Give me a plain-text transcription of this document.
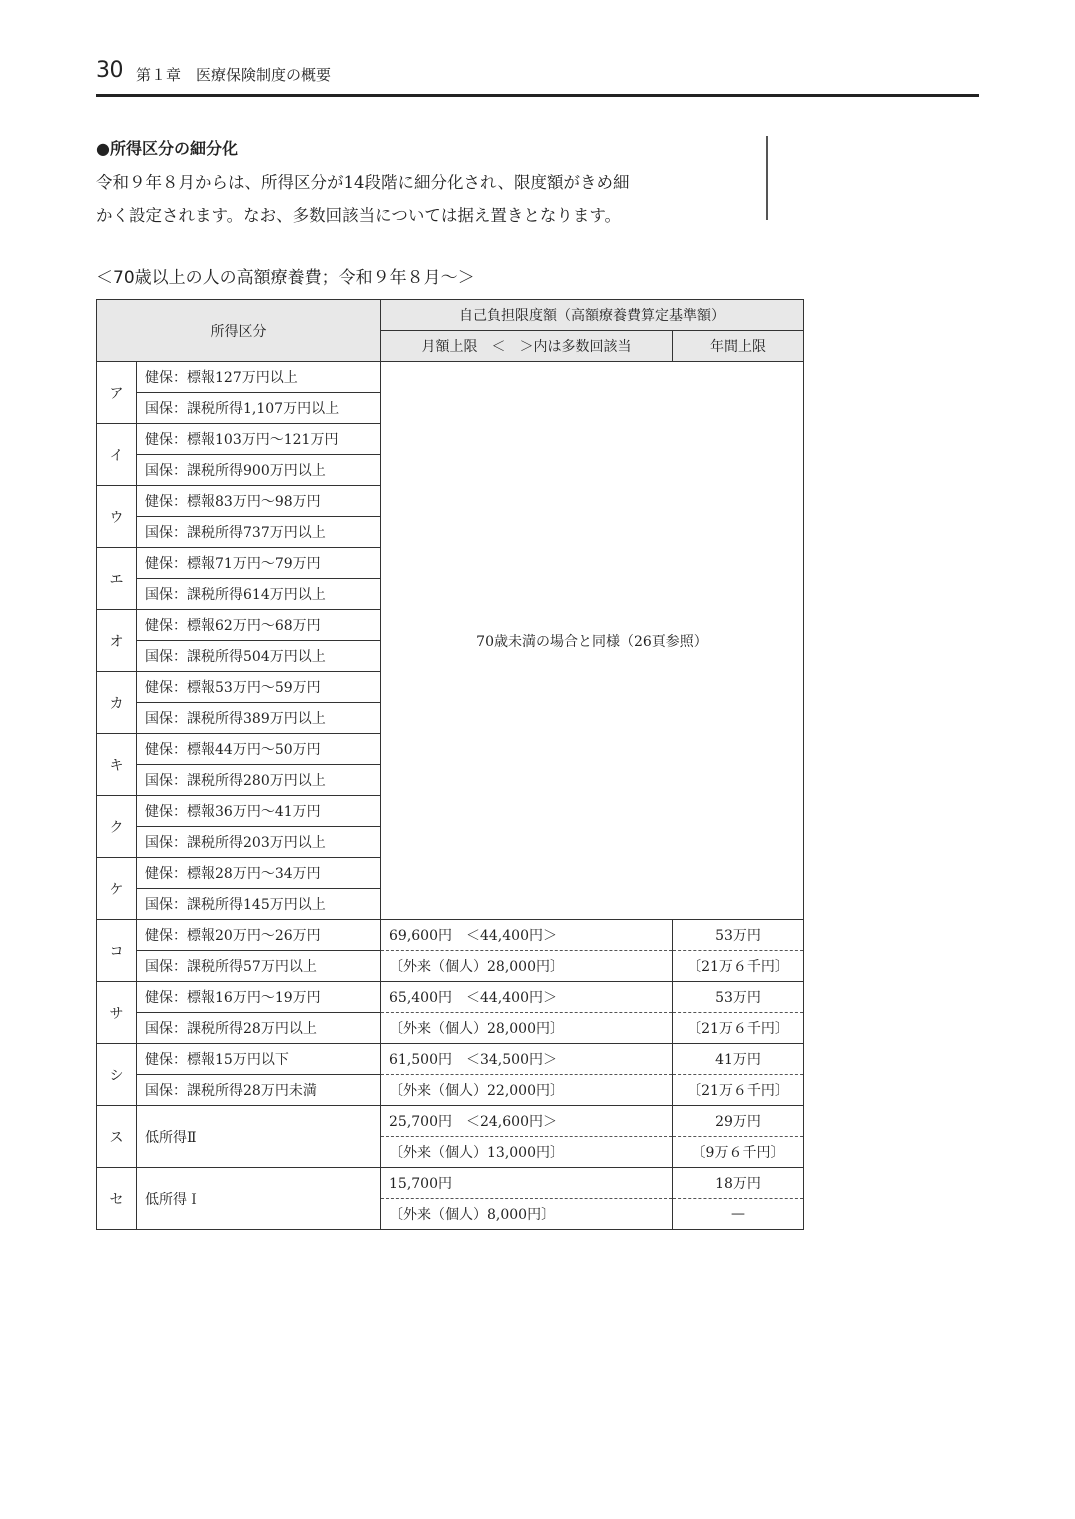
30 第１章　医療保険制度の概要
●所得区分の細分化
令和９年８月からは、所得区分が14段階に細分化され、限度額がきめ細
かく設定されます。なお、多数回該当については据え置きとなります。
＜70歳以上の人の高額療養費；令和９年８月～＞
所得区分		自己負担限度額（高額療養費算定基準額）	
		月額上限　＜　＞内は多数回該当	年間上限
ア	健保：標報127万円以上	70歳未満の場合と同様（26頁参照）	
	国保：課税所得1,107万円以上		
イ	健保：標報103万円～121万円		
	国保：課税所得900万円以上		
ウ	健保：標報83万円～98万円		
	国保：課税所得737万円以上		
エ	健保：標報71万円～79万円		
	国保：課税所得614万円以上		
オ	健保：標報62万円～68万円		
	国保：課税所得504万円以上		
カ	健保：標報53万円～59万円		
	国保：課税所得389万円以上		
キ	健保：標報44万円～50万円		
	国保：課税所得280万円以上		
ク	健保：標報36万円～41万円		
	国保：課税所得203万円以上		
ケ	健保：標報28万円～34万円		
	国保：課税所得145万円以上		
コ	健保：標報20万円～26万円	69,600円　＜44,400円＞	53万円
	国保：課税所得57万円以上	〔外来（個人）28,000円〕	〔21万６千円〕
サ	健保：標報16万円～19万円	65,400円　＜44,400円＞	53万円
	国保：課税所得28万円以上	〔外来（個人）28,000円〕	〔21万６千円〕
シ	健保：標報15万円以下	61,500円　＜34,500円＞	41万円
	国保：課税所得28万円未満	〔外来（個人）22,000円〕	〔21万６千円〕
ス	低所得Ⅱ	25,700円　＜24,600円＞	29万円
		〔外来（個人）13,000円〕	〔9万６千円〕
セ	低所得Ｉ	15,700円	18万円
		〔外来（個人）8,000円〕	—
